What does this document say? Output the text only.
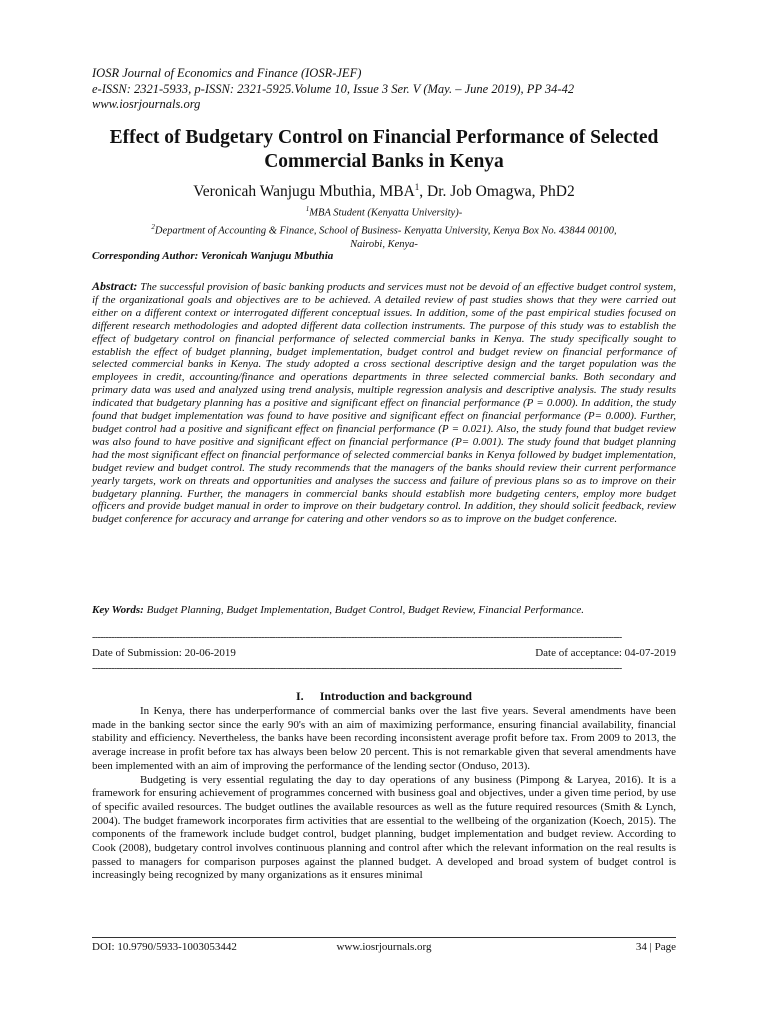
IOSR Journal of Economics and Finance (IOSR-JEF)
e-ISSN: 2321-5933, p-ISSN: 2321-5925.Volume 10, Issue 3 Ser. V (May. – June 2019), PP 34-42
www.iosrjournals.org
Effect of Budgetary Control on Financial Performance of Selected
Commercial Banks in Kenya
Veronicah Wanjugu Mbuthia, MBA$^1$, Dr. Job Omagwa, PhD2
$^1$MBA Student (Kenyatta University)-
$^2$Department of Accounting & Finance, School of Business- Kenyatta University, Kenya Box No. 43844 00100,
Nairobi, Kenya-
Corresponding Author: Veronicah Wanjugu Mbuthia
Abstract: The successful provision of basic banking products and services must not be devoid of an effective budget control system, if the organizational goals and objectives are to be achieved. A detailed review of past studies shows that they were carried out either on a different context or interrogated different conceptual issues. In addition, some of the past empirical studies focused on different research methodologies and adopted different data collection instruments. The purpose of this study was to establish the effect of budgetary control on financial performance of selected commercial banks in Kenya. The study specifically sought to establish the effect of budget planning, budget implementation, budget control and budget review on financial performance of selected commercial banks in Kenya. The study adopted a cross sectional descriptive design and the target population was the employees in credit, accounting/finance and operations departments in three selected commercial banks. Both secondary and primary data was used and analyzed using trend analysis, multiple regression analysis and descriptive analysis. The study results indicated that budgetary planning has a positive and significant effect on financial performance (P = 0.000). In addition, the study found that budget implementation was found to have positive and significant effect on financial performance (P= 0.000). Further, budget control had a positive and significant effect on financial performance (P = 0.021). Also, the study found that budget review was also found to have positive and significant effect on financial performance (P= 0.001). The study found that budget planning had the most significant effect on financial performance of selected commercial banks in Kenya followed by budget implementation, budget review and budget control. The study recommends that the managers of the banks should review their current performance yearly targets, work on threats and opportunities and analyses the success and failure of previous plans so as to improve on their budgetary planning. Further, the managers in commercial banks should establish more budgeting centers, employ more budget officers and provide budget manual in order to improve on their budgetary control. In addition, they should solicit feedback, review budget conference for accuracy and arrange for catering and other vendors so as to improve on the budget conference.
Key Words: Budget Planning, Budget Implementation, Budget Control, Budget Review, Financial Performance.
--------------------------------------------------------------------------------------------------------------------------------------------------------------------------------------------------
Date of Submission: 20-06-2019	Date of acceptance: 04-07-2019
--------------------------------------------------------------------------------------------------------------------------------------------------------------------------------------------------
I. Introduction and background

In Kenya, there has underperformance of commercial banks over the last five years. Several amendments have been made in the banking sector since the early 90's with an aim of maximizing performance, ensuring financial availability, financial stability and efficiency. Nevertheless, the banks have been recording inconsistent average profit before tax. From 2009 to 2013, the average increase in profit before tax has always been below 20 percent. This is not remarkable given that several amendments have been implemented with an aim of improving the performance of the lending sector (Onduso, 2013).

Budgeting is very essential regulating the day to day operations of any business (Pimpong & Laryea, 2016). It is a framework for ensuring achievement of programmes concerned with business goal and objectives, under a given time period, by use of specific availed resources. The budget outlines the available resources as well as the future required resources (Smith & Lynch, 2004). The budget framework incorporates firm activities that are essential to the wellbeing of the organization (Koech, 2015). The components of the framework include budget control, budget planning, budget implementation and budget review. According to Cook (2008), budgetary control involves continuous planning and control after which the relevant information on the real results is passed to managers for comparison purposes against the planned budget. A developed and broad system of budget control is increasingly being recognized by many organizations as it ensures minimal

DOI: 10.9790/5933-1003053442	www.iosrjournals.org	34 | Page
